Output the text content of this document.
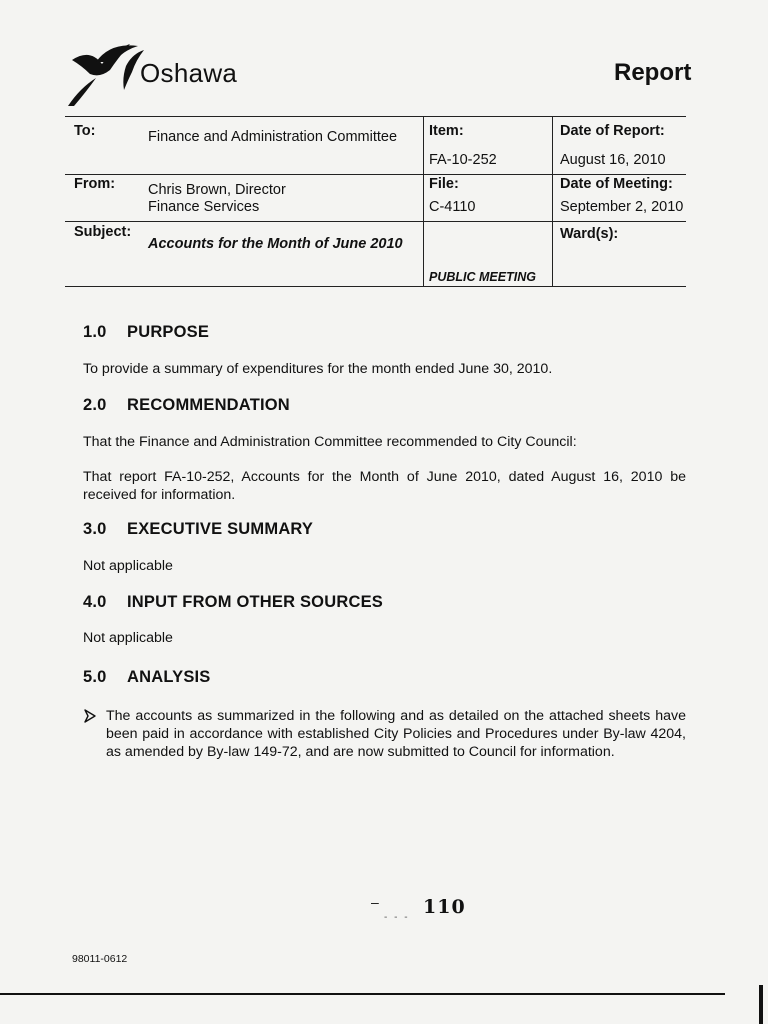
Oshawa	Report
To:	Finance and Administration Committee Item:
FA-10-252
Date of Report:
August 16, 2010
From: Chris Brown, Director
Finance Services
File:
C-4110
Date of Meeting:
September 2, 2010
Subject:
Accounts for the Month of June 2010
PUBLIC MEETING
Ward(s):
1.0 PURPOSE
To provide a summary of expenditures for the month ended June 30, 2010.
2.0 RECOMMENDATION
That the Finance and Administration Committee recommended to City Council:
That report FA-10-252, Accounts for the Month of June 2010, dated August 16, 2010 be received for information.
3.0 EXECUTIVE SUMMARY
Not applicable
4.0 INPUT FROM OTHER SOURCES
Not applicable
5.0 ANALYSIS
The accounts as summarized in the following and as detailed on the attached sheets have been paid in accordance with established City Policies and Procedures under By-law 4204, as amended by By-law 149-72, and are now submitted to Council for information.
–
- - - 110
98011-0612
